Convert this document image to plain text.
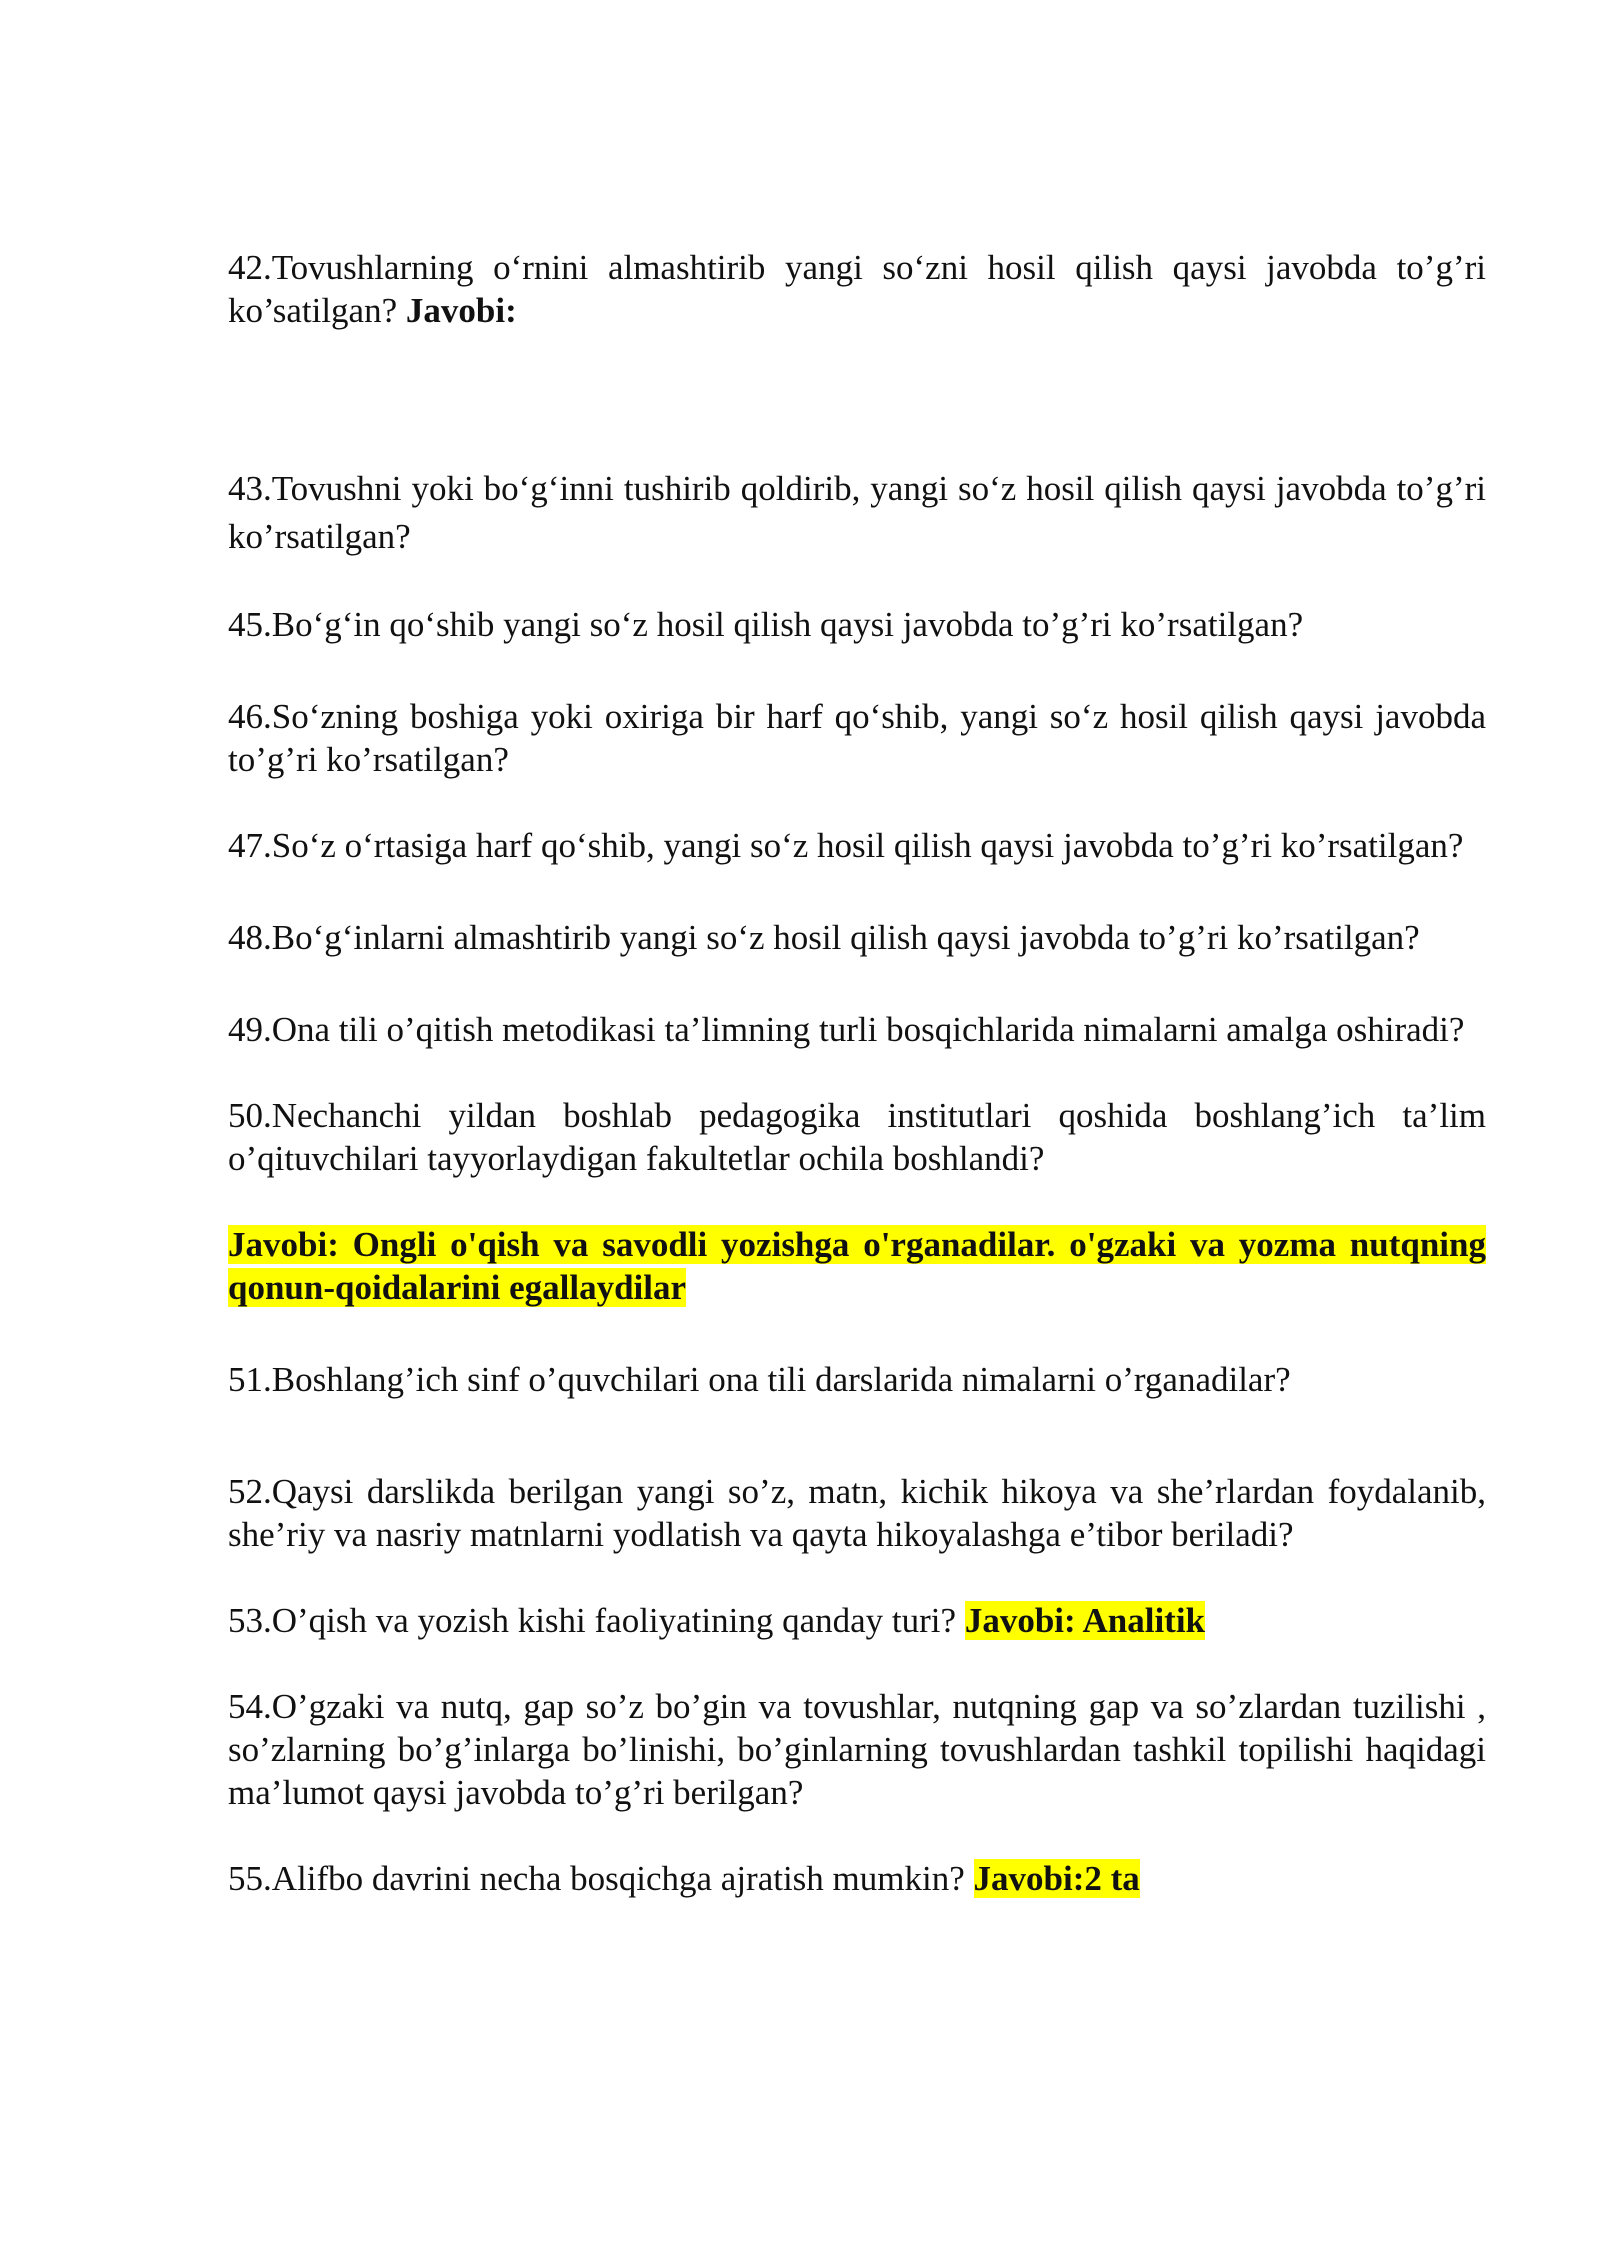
42.Tovushlarning o‘rnini almashtirib yangi so‘zni hosil qilish qaysi javobda to’g’ri ko’satilgan? Javobi:

43.Tovushni yoki bo‘g‘inni tushirib qoldirib, yangi so‘z hosil qilish qaysi javobda to’g’ri ko’rsatilgan?

45.Bo‘g‘in qo‘shib yangi so‘z hosil qilish qaysi javobda to’g’ri ko’rsatilgan?

46.So‘zning boshiga yoki oxiriga bir harf qo‘shib, yangi so‘z hosil qilish qaysi javobda to’g’ri ko’rsatilgan?

47.So‘z o‘rtasiga harf qo‘shib, yangi so‘z hosil qilish qaysi javobda to’g’ri ko’rsatilgan?

48.Bo‘g‘inlarni almashtirib yangi so‘z hosil qilish qaysi javobda to’g’ri ko’rsatilgan?

49.Ona tili o’qitish metodikasi ta’limning turli bosqichlarida nimalarni amalga oshiradi?

50.Nechanchi yildan boshlab pedagogika institutlari qoshida boshlang’ich ta’lim o’qituvchilari tayyorlaydigan fakultetlar ochila boshlandi?

Javobi: Ongli o'qish va savodli yozishga o'rganadilar. o'gzaki va yozma nutqning qonun-qoidalarini egallaydilar

51.Boshlang’ich sinf o’quvchilari ona tili darslarida nimalarni o’rganadilar?

52.Qaysi darslikda berilgan yangi so’z, matn, kichik hikoya va she’rlardan foydalanib, she’riy va nasriy matnlarni yodlatish va qayta hikoyalashga e’tibor beriladi?

53.O’qish va yozish kishi faoliyatining qanday turi? Javobi: Analitik

54.O’gzaki va nutq, gap so’z bo’gin va tovushlar, nutqning gap va so’zlardan tuzilishi , so’zlarning bo’g’inlarga bo’linishi, bo’ginlarning tovushlardan tashkil topilishi haqidagi ma’lumot qaysi javobda to’g’ri berilgan?

55.Alifbo davrini necha bosqichga ajratish mumkin? Javobi:2 ta
